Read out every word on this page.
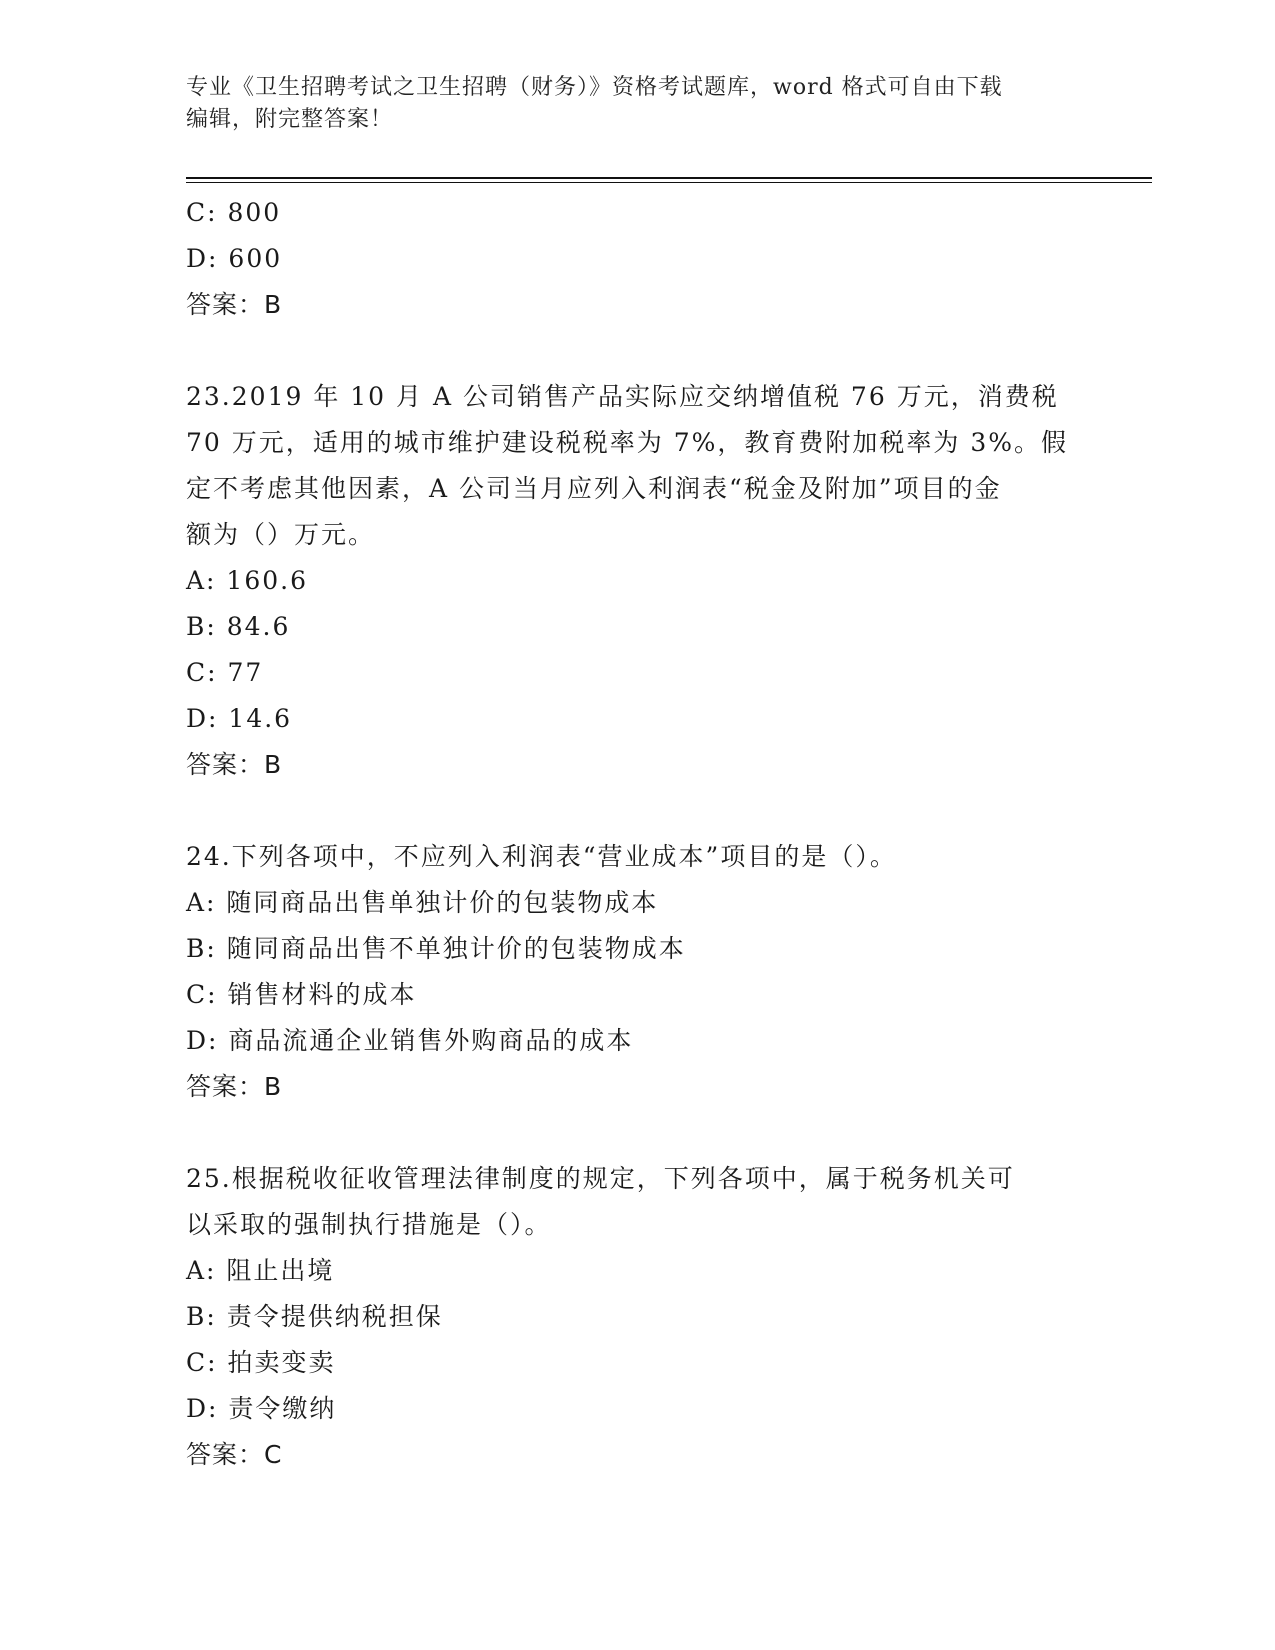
专业《卫生招聘考试之卫生招聘（财务）》资格考试题库，word 格式可自由下载
编辑，附完整答案！
C: 800
D: 600
答案：B
23.2019 年 10 月 A 公司销售产品实际应交纳增值税 76 万元，消费税
70 万元，适用的城市维护建设税税率为 7%，教育费附加税率为 3%。假
定不考虑其他因素，A 公司当月应列入利润表“税金及附加”项目的金
额为（）万元。
A: 160.6
B: 84.6
C: 77
D: 14.6
答案：B
24.下列各项中，不应列入利润表“营业成本”项目的是（）。
A: 随同商品出售单独计价的包装物成本
B: 随同商品出售不单独计价的包装物成本
C: 销售材料的成本
D: 商品流通企业销售外购商品的成本
答案：B
25.根据税收征收管理法律制度的规定，下列各项中，属于税务机关可
以采取的强制执行措施是（）。
A: 阻止出境
B: 责令提供纳税担保
C: 拍卖变卖
D: 责令缴纳
答案：C
